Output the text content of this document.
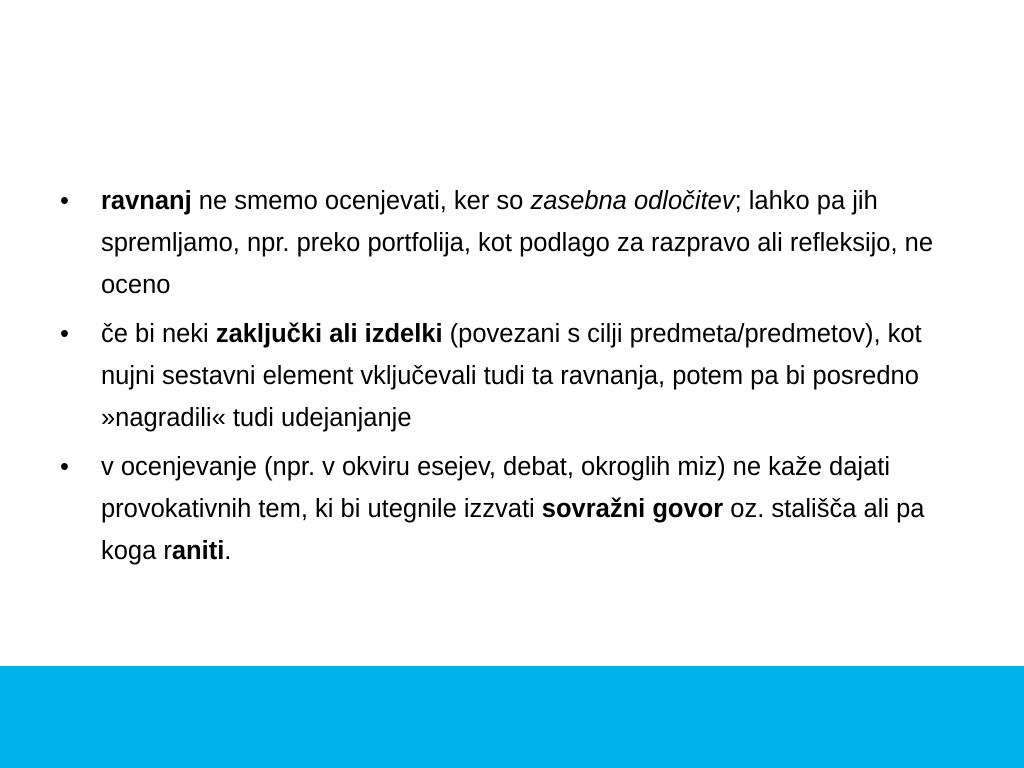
•	ravnanj ne smemo ocenjevati, ker so zasebna odločitev; lahko pa jih spremljamo, npr. preko portfolija, kot podlago za razpravo ali refleksijo, ne oceno
•	če bi neki zaključki ali izdelki (povezani s cilji predmeta/predmetov), kot nujni sestavni element vključevali tudi ta ravnanja, potem pa bi posredno »nagradili« tudi udejanjanje
•	v ocenjevanje (npr. v okviru esejev, debat, okroglih miz) ne kaže dajati provokativnih tem, ki bi utegnile izzvati sovražni govor oz. stališča ali pa koga raniti.
